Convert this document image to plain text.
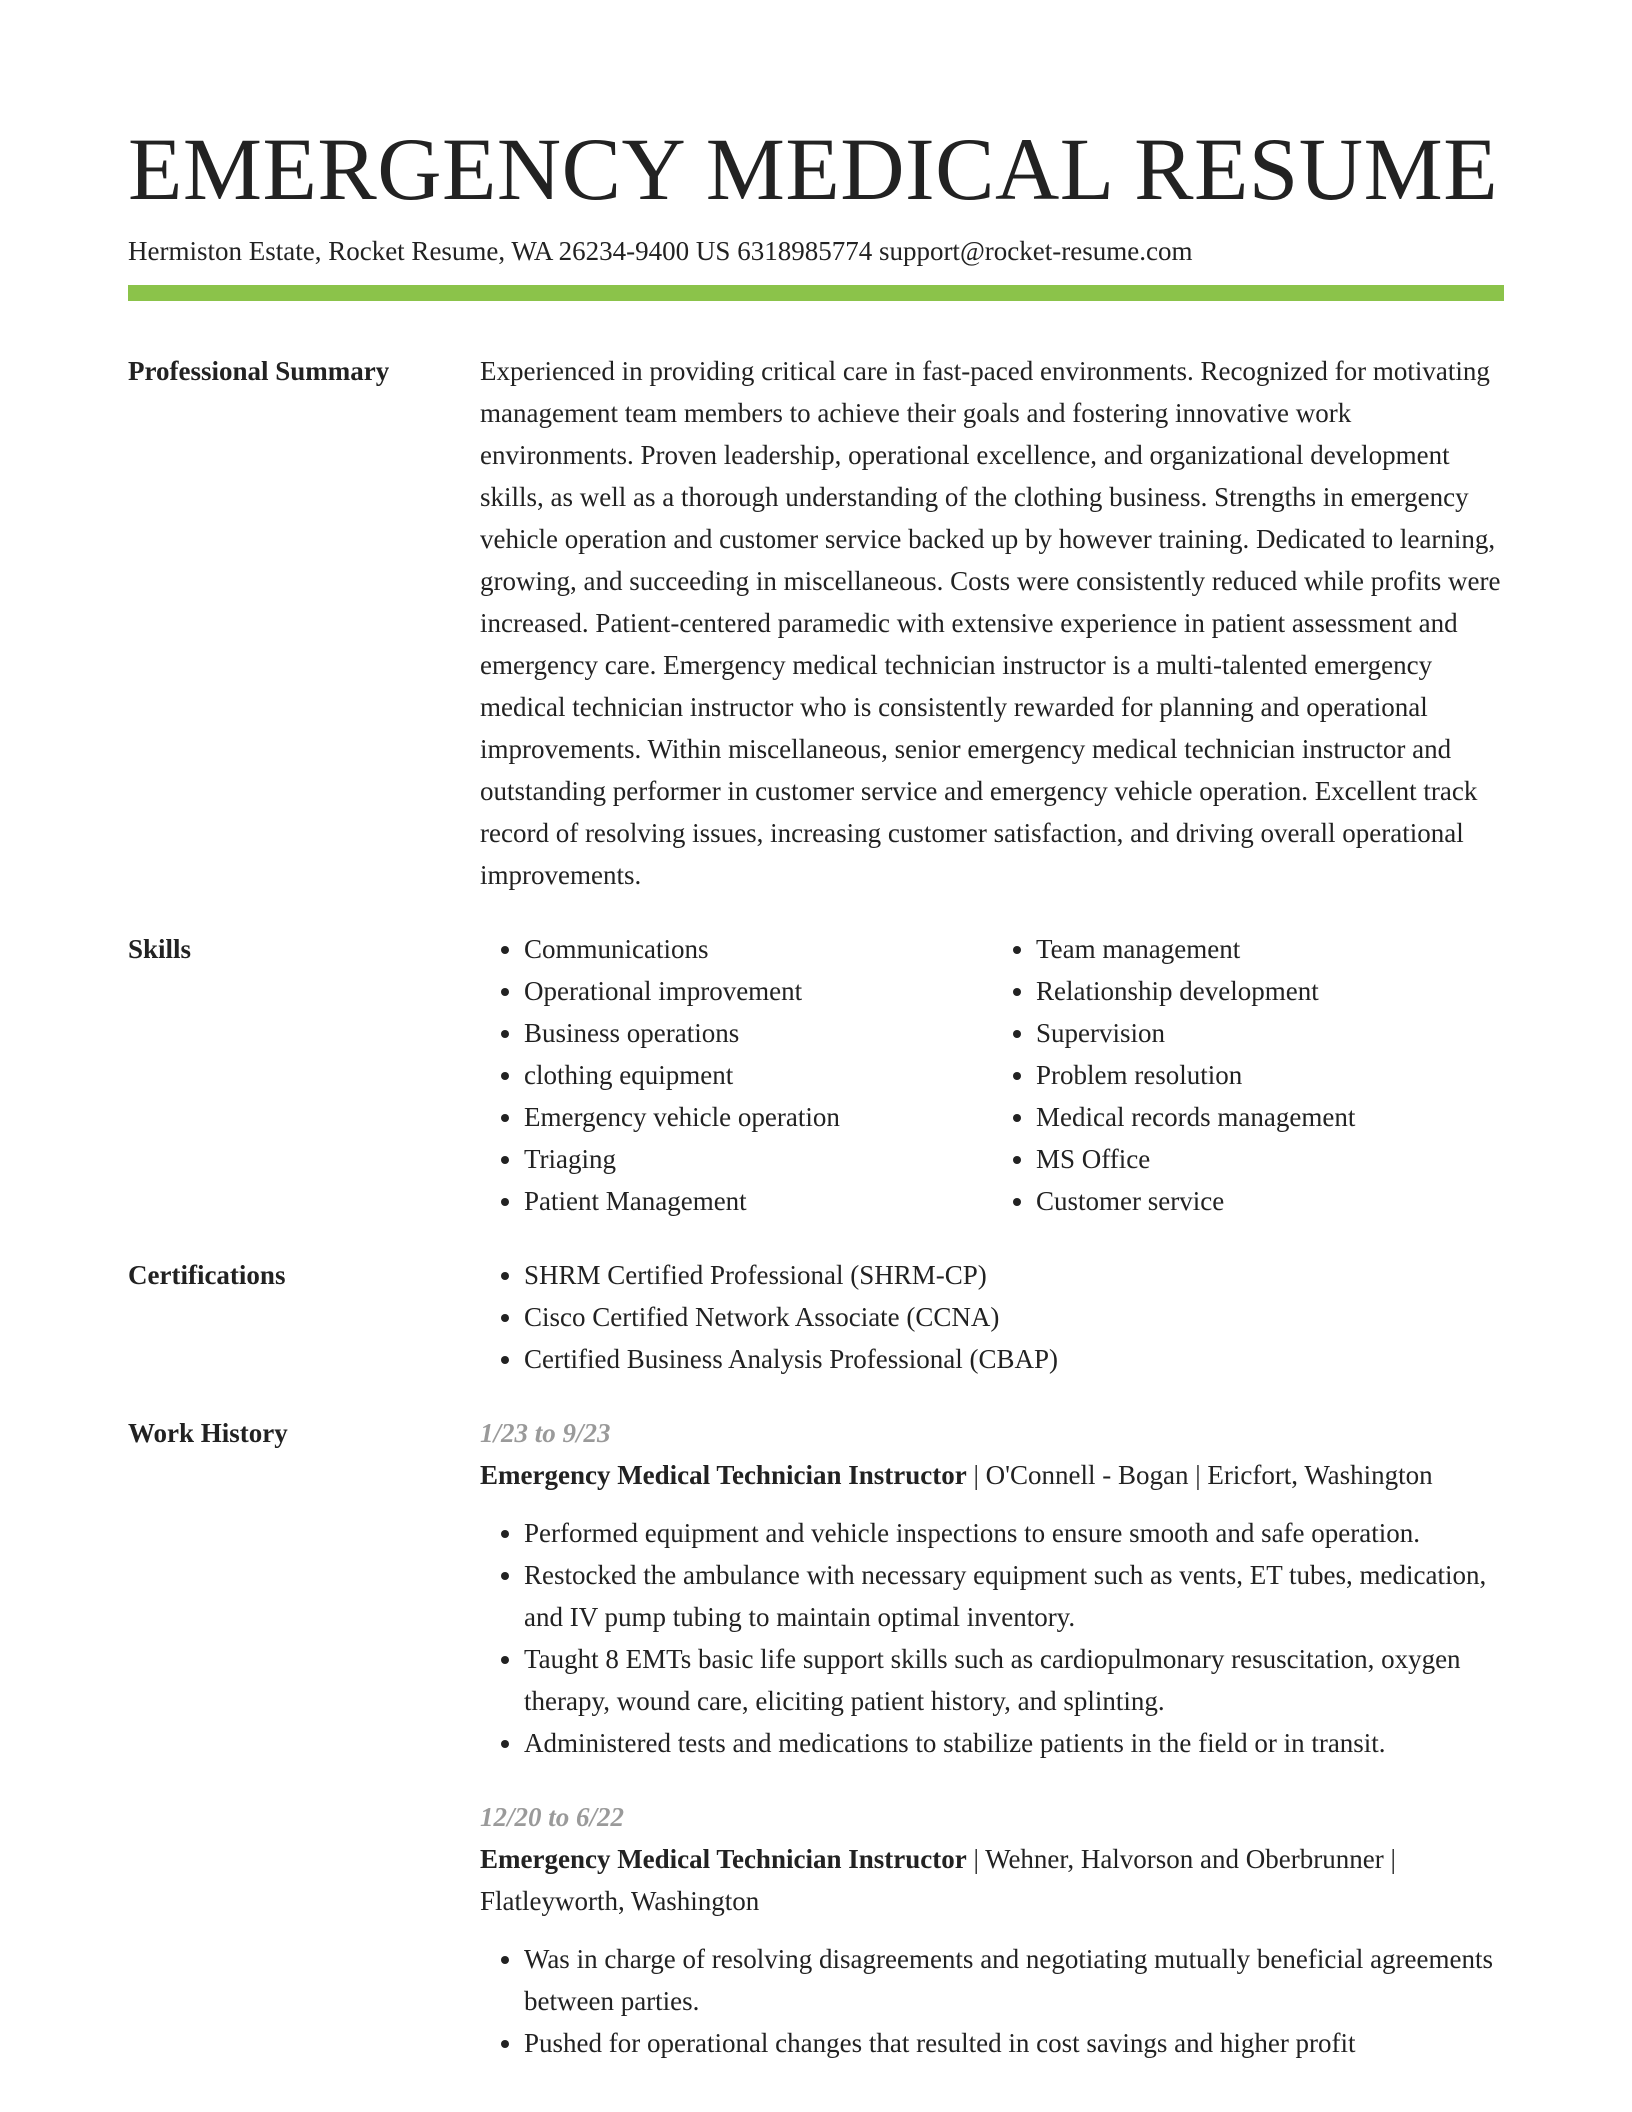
EMERGENCY MEDICAL RESUME
Hermiston Estate, Rocket Resume, WA 26234-9400 US 6318985774 support@rocket-resume.com
Professional Summary	Experienced in providing critical care in fast-paced environments. Recognized for motivating management team members to achieve their goals and fostering innovative work environments. Proven leadership, operational excellence, and organizational development skills, as well as a thorough understanding of the clothing business. Strengths in emergency vehicle operation and customer service backed up by however training. Dedicated to learning, growing, and succeeding in miscellaneous. Costs were consistently reduced while profits were increased. Patient-centered paramedic with extensive experience in patient assessment and emergency care. Emergency medical technician instructor is a multi-talented emergency medical technician instructor who is consistently rewarded for planning and operational improvements. Within miscellaneous, senior emergency medical technician instructor and outstanding performer in customer service and emergency vehicle operation. Excellent track record of resolving issues, increasing customer satisfaction, and driving overall operational improvements.

Skills	• Communications
• Operational improvement
• Business operations
• clothing equipment
• Emergency vehicle operation
• Triaging
• Patient Management
• Team management
• Relationship development
• Supervision
• Problem resolution
• Medical records management
• MS Office
• Customer service
Certifications	• SHRM Certified Professional (SHRM-CP)
• Cisco Certified Network Associate (CCNA)
• Certified Business Analysis Professional (CBAP)
Work History	1/23 to 9/23
Emergency Medical Technician Instructor | O'Connell - Bogan | Ericfort, Washington
• Performed equipment and vehicle inspections to ensure smooth and safe operation.
• Restocked the ambulance with necessary equipment such as vents, ET tubes, medication, and IV pump tubing to maintain optimal inventory.
• Taught 8 EMTs basic life support skills such as cardiopulmonary resuscitation, oxygen therapy, wound care, eliciting patient history, and splinting.
• Administered tests and medications to stabilize patients in the field or in transit.
12/20 to 6/22
Emergency Medical Technician Instructor | Wehner, Halvorson and Oberbrunner | Flatleyworth, Washington
• Was in charge of resolving disagreements and negotiating mutually beneficial agreements between parties.
• Pushed for operational changes that resulted in cost savings and higher profit
